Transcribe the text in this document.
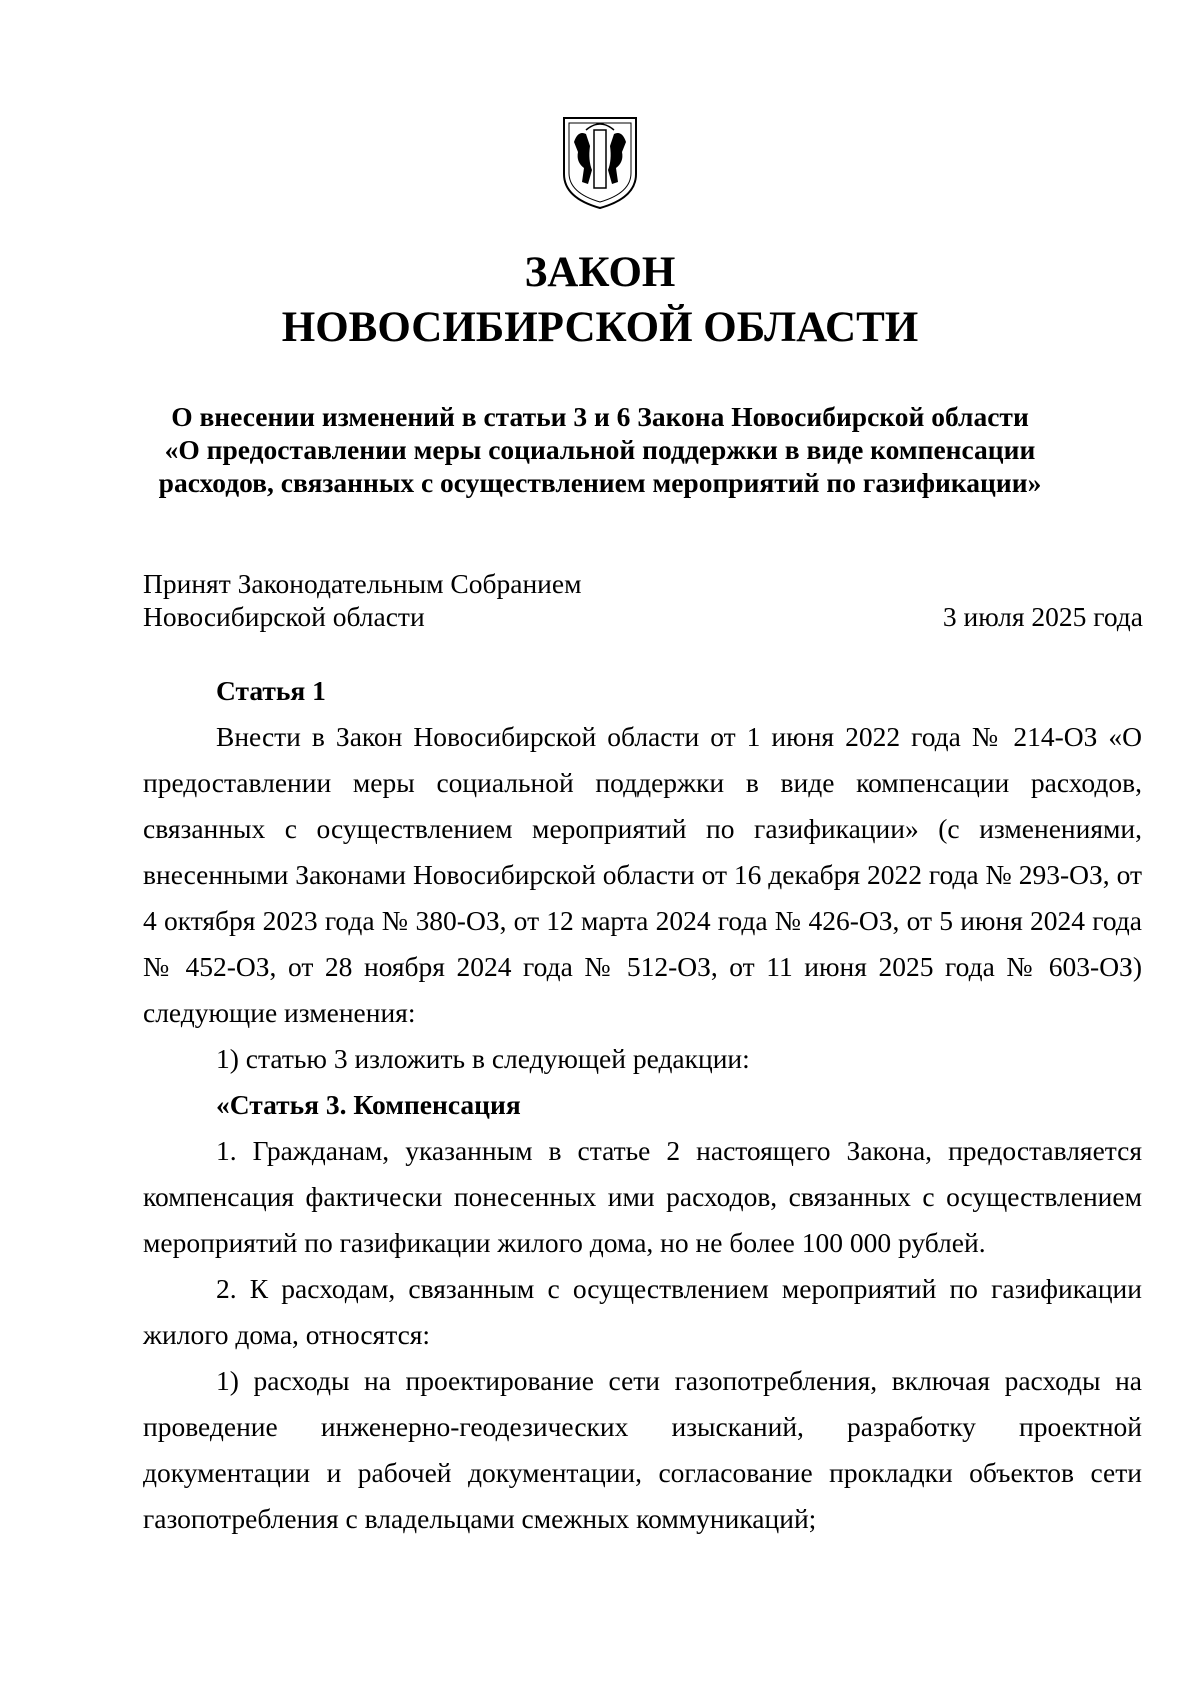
ЗАКОН
НОВОСИБИРСКОЙ ОБЛАСТИ
О внесении изменений в статьи 3 и 6 Закона Новосибирской области
«О предоставлении меры социальной поддержки в виде компенсации
расходов, связанных с осуществлением мероприятий по газификации»
Принят Законодательным Собранием
Новосибирской области	3 июля 2025 года

Статья 1

Внести в Закон Новосибирской области от 1 июня 2022 года № 214-ОЗ «О предоставлении меры социальной поддержки в виде компенсации расходов, связанных с осуществлением мероприятий по газификации» (с изменениями, внесенными Законами Новосибирской области от 16 декабря 2022 года № 293-ОЗ, от 4 октября 2023 года № 380-ОЗ, от 12 марта 2024 года № 426-ОЗ, от 5 июня 2024 года № 452-ОЗ, от 28 ноября 2024 года № 512-ОЗ, от 11 июня 2025 года № 603-ОЗ) следующие изменения:

1) статью 3 изложить в следующей редакции:

«Статья 3. Компенсация

1. Гражданам, указанным в статье 2 настоящего Закона, предоставляется компенсация фактически понесенных ими расходов, связанных с осуществлением мероприятий по газификации жилого дома, но не более 100 000 рублей.

2. К расходам, связанным с осуществлением мероприятий по газификации жилого дома, относятся:

1) расходы на проектирование сети газопотребления, включая расходы на проведение инженерно-геодезических изысканий, разработку проектной документации и рабочей документации, согласование прокладки объектов сети газопотребления с владельцами смежных коммуникаций;
